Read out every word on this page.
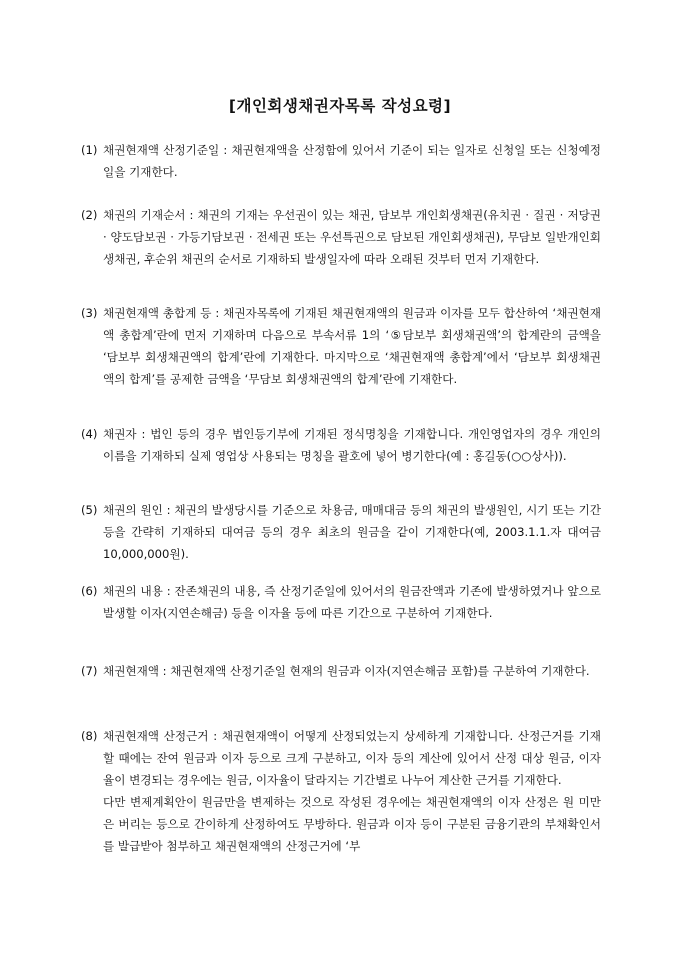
[개인회생채권자목록 작성요령]
(1) 채권현재액 산정기준일 : 채권현재액을 산정함에 있어서 기준이 되는 일자로 신청일 또는 신청예정일을 기재한다.
(2) 채권의 기재순서 : 채권의 기재는 우선권이 있는 채권, 담보부 개인회생채권(유치권 · 질권 · 저당권 · 양도담보권 · 가등기담보권 · 전세권 또는 우선특권으로 담보된 개인회생채권), 무담보 일반개인회생채권, 후순위 채권의 순서로 기재하되 발생일자에 따라 오래된 것부터 먼저 기재한다.
(3) 채권현재액 총합계 등 : 채권자목록에 기재된 채권현재액의 원금과 이자를 모두 합산하여 ‘채권현재액 총합계’란에 먼저 기재하며 다음으로 부속서류 1의 ‘⑤담보부 회생채권액’의 합계란의 금액을 ‘담보부 회생채권액의 합계’란에 기재한다. 마지막으로 ‘채권현재액 총합계’에서 ‘담보부 회생채권액의 합계’를 공제한 금액을 ‘무담보 회생채권액의 합계’란에 기재한다.
(4) 채권자 : 법인 등의 경우 법인등기부에 기재된 정식명칭을 기재합니다. 개인영업자의 경우 개인의 이름을 기재하되 실제 영업상 사용되는 명칭을 괄호에 넣어 병기한다(예 : 홍길동(○○상사)).
(5) 채권의 원인 : 채권의 발생당시를 기준으로 차용금, 매매대금 등의 채권의 발생원인, 시기 또는 기간 등을 간략히 기재하되 대여금 등의 경우 최초의 원금을 같이 기재한다(예, 2003.1.1.자 대여금 10,000,000원).
(6) 채권의 내용 : 잔존채권의 내용, 즉 산정기준일에 있어서의 원금잔액과 기존에 발생하였거나 앞으로 발생할 이자(지연손해금) 등을 이자율 등에 따른 기간으로 구분하여 기재한다.
(7) 채권현재액 : 채권현재액 산정기준일 현재의 원금과 이자(지연손해금 포함)를 구분하여 기재한다.
(8) 채권현재액 산정근거 : 채권현재액이 어떻게 산정되었는지 상세하게 기재합니다. 산정근거를 기재할 때에는 잔여 원금과 이자 등으로 크게 구분하고, 이자 등의 계산에 있어서 산정 대상 원금, 이자율이 변경되는 경우에는 원금, 이자율이 달라지는 기간별로 나누어 계산한 근거를 기재한다.

다만 변제계획안이 원금만을 변제하는 것으로 작성된 경우에는 채권현재액의 이자 산정은 원 미만은 버리는 등으로 간이하게 산정하여도 무방하다. 원금과 이자 등이 구분된 금융기관의 부채확인서를 발급받아 첨부하고 채권현재액의 산정근거에 ‘부
